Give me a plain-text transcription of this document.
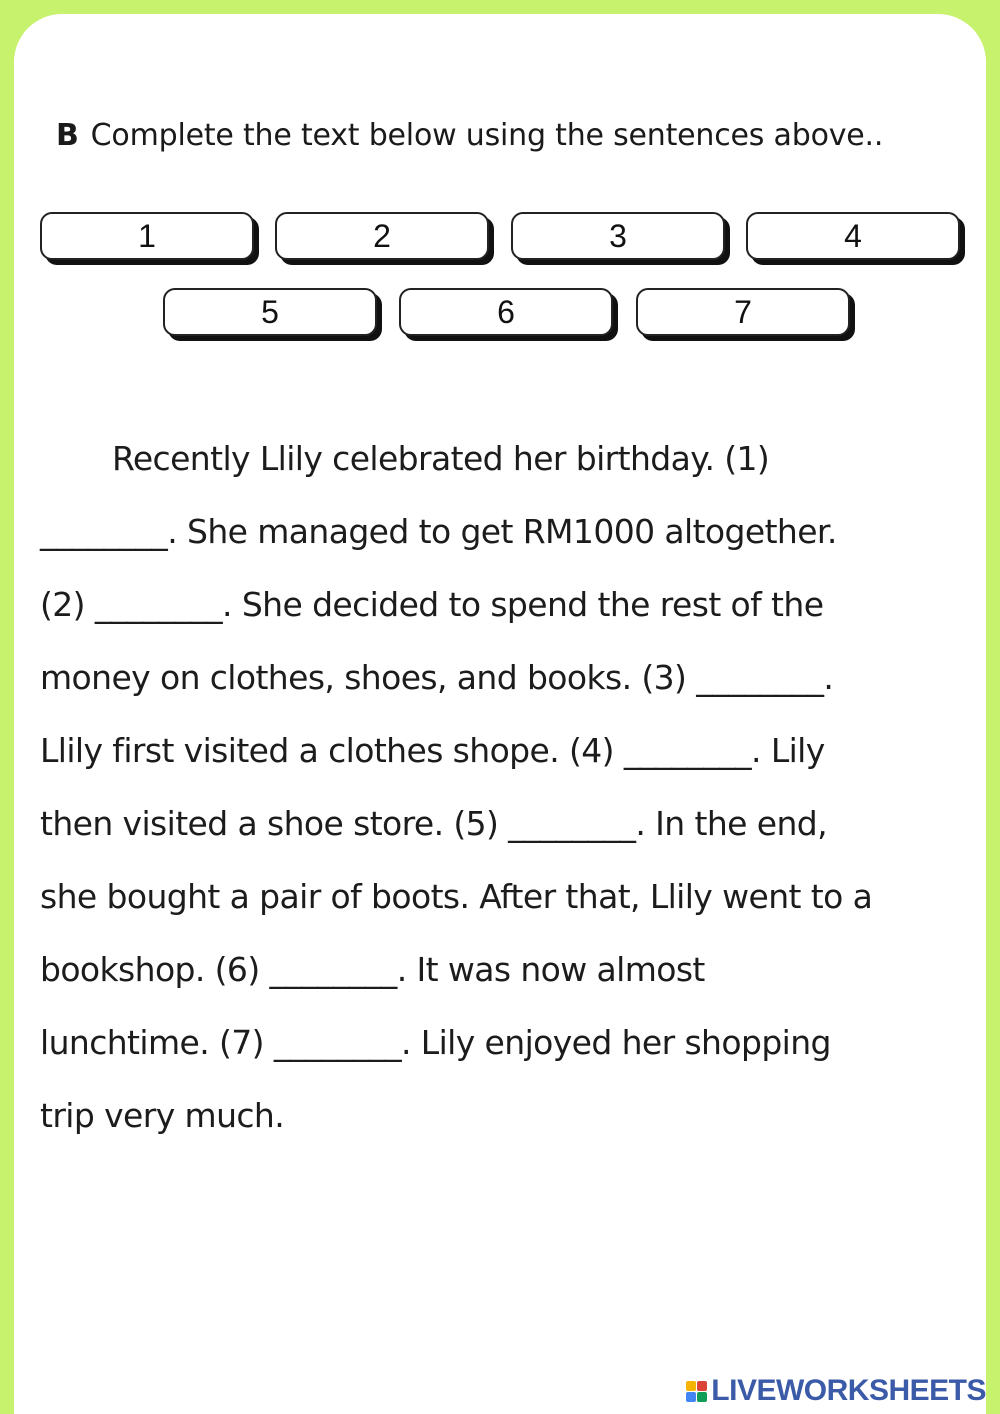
B Complete the text below using the sentences above..
1	2	3	4
5	6	7
Recently Llily celebrated her birthday. (1)
________. She managed to get RM1000 altogether.
(2) ________. She decided to spend the rest of the
money on clothes, shoes, and books. (3) ________.
Llily first visited a clothes shope. (4) ________. Lily
then visited a shoe store. (5) ________. In the end,
she bought a pair of boots. After that, Llily went to a
bookshop. (6) ________. It was now almost
lunchtime. (7) ________. Lily enjoyed her shopping
trip very much.
LIVEWORKSHEETS
